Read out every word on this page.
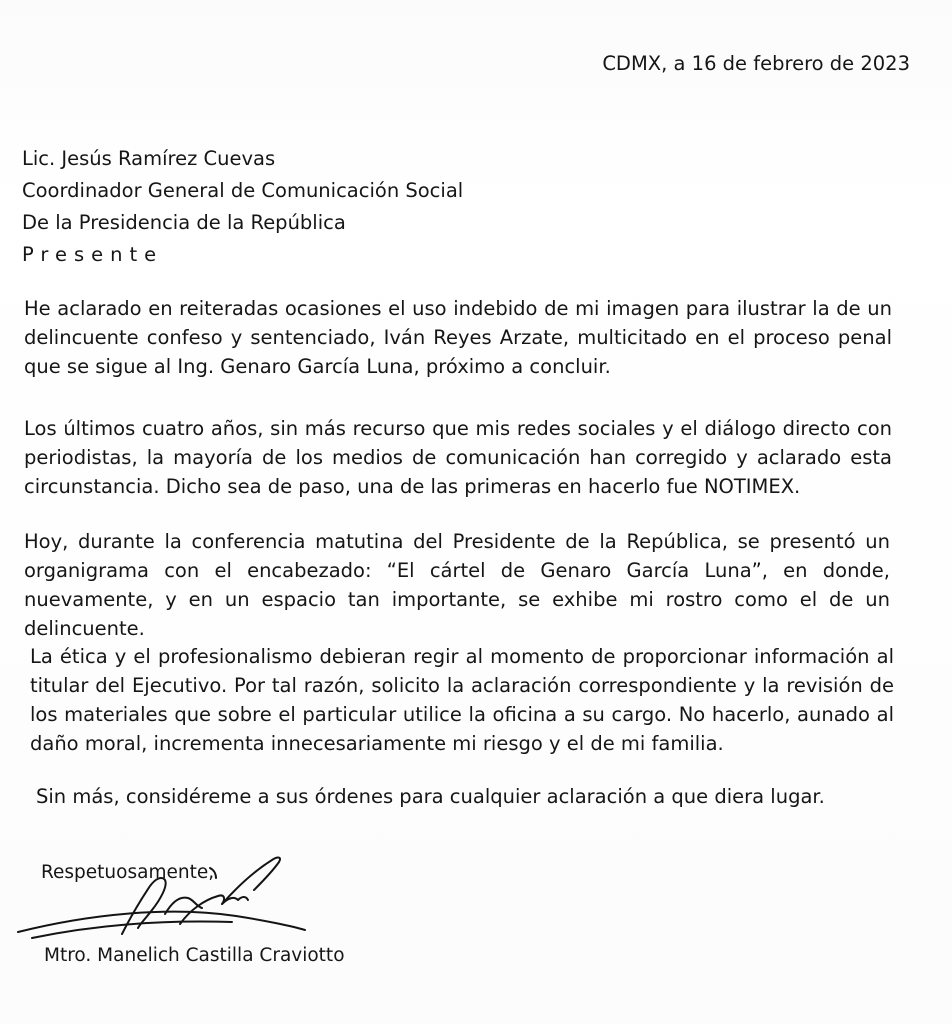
CDMX, a 16 de febrero de 2023
Lic. Jesús Ramírez Cuevas
Coordinador General de Comunicación Social
De la Presidencia de la República
Presente

He aclarado en reiteradas ocasiones el uso indebido de mi imagen para ilustrar la de un delincuente confeso y sentenciado, Iván Reyes Arzate, multicitado en el proceso penal que se sigue al Ing. Genaro García Luna, próximo a concluir.

Los últimos cuatro años, sin más recurso que mis redes sociales y el diálogo directo con periodistas, la mayoría de los medios de comunicación han corregido y aclarado esta circunstancia. Dicho sea de paso, una de las primeras en hacerlo fue NOTIMEX.

Hoy, durante la conferencia matutina del Presidente de la República, se presentó un organigrama con el encabezado: “El cártel de Genaro García Luna”, en donde, nuevamente, y en un espacio tan importante, se exhibe mi rostro como el de un delincuente.

La ética y el profesionalismo debieran regir al momento de proporcionar información al titular del Ejecutivo. Por tal razón, solicito la aclaración correspondiente y la revisión de los materiales que sobre el particular utilice la oficina a su cargo. No hacerlo, aunado al daño moral, incrementa innecesariamente mi riesgo y el de mi familia.

Sin más, considéreme a sus órdenes para cualquier aclaración a que diera lugar.

Respetuosamente,
Mtro. Manelich Castilla Craviotto
